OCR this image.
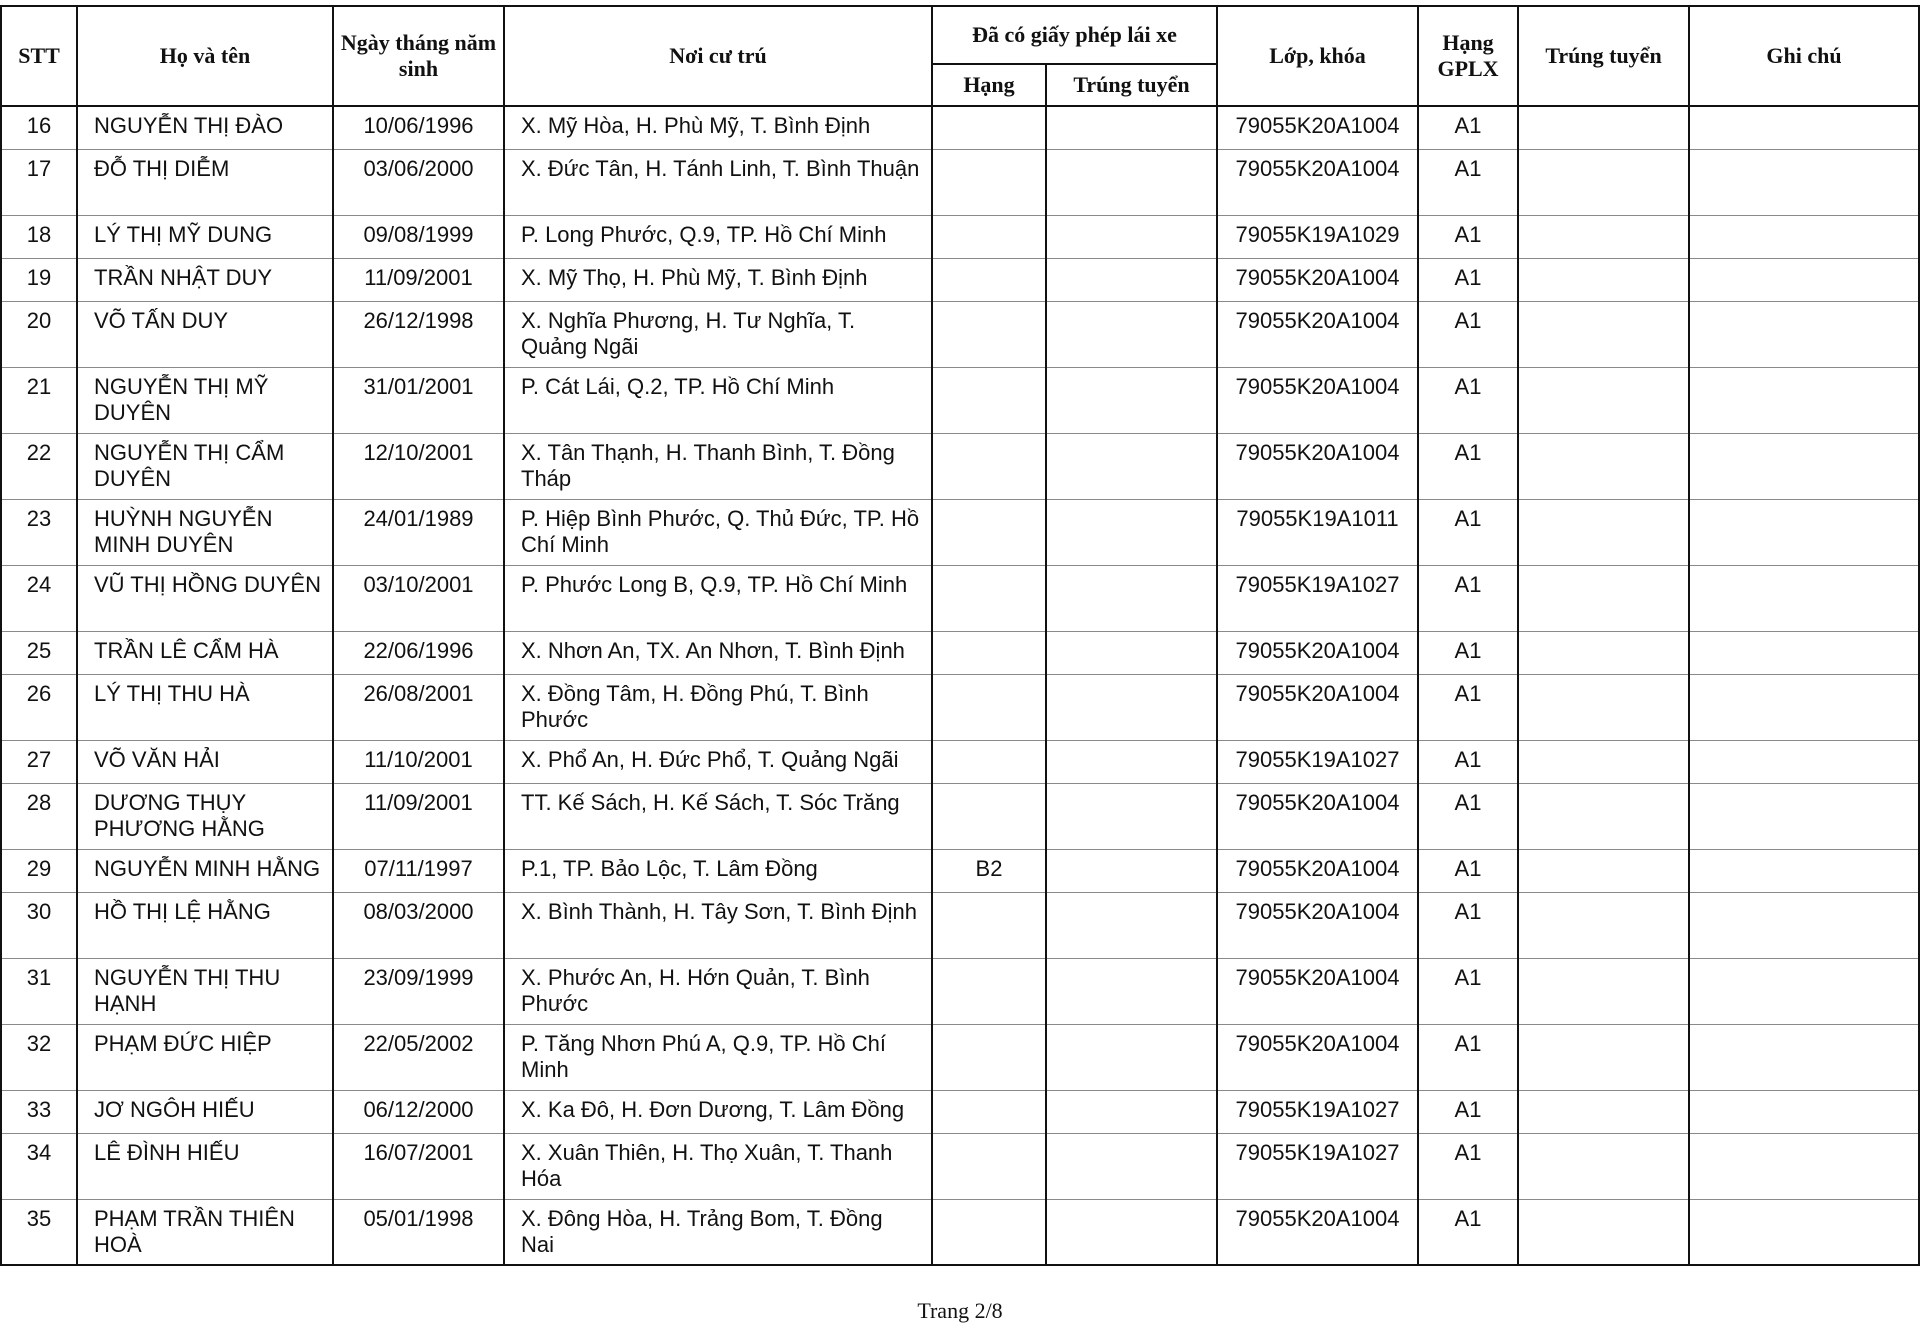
STT	Họ và tên	Ngày tháng năm sinh	Nơi cư trú	Đã có giấy phép lái xe		Lớp, khóa	Hạng GPLX	Trúng tuyển	Ghi chú
				Hạng	Trúng tuyển				
16	NGUYỄN THỊ ĐÀO	10/06/1996	X. Mỹ Hòa, H. Phù Mỹ, T. Bình Định			79055K20A1004	A1		
17	ĐỖ THỊ DIỄM	03/06/2000	X. Đức Tân, H. Tánh Linh, T. Bình Thuận			79055K20A1004	A1		
18	LÝ THỊ MỸ DUNG	09/08/1999	P. Long Phước, Q.9, TP. Hồ Chí Minh			79055K19A1029	A1		
19	TRẦN NHẬT DUY	11/09/2001	X. Mỹ Thọ, H. Phù Mỹ, T. Bình Định			79055K20A1004	A1		
20	VÕ TẤN DUY	26/12/1998	X. Nghĩa Phương, H. Tư Nghĩa, T. Quảng Ngãi			79055K20A1004	A1		
21	NGUYỄN THỊ MỸ DUYÊN	31/01/2001	P. Cát Lái, Q.2, TP. Hồ Chí Minh			79055K20A1004	A1		
22	NGUYỄN THỊ CẨM DUYÊN	12/10/2001	X. Tân Thạnh, H. Thanh Bình, T. Đồng Tháp			79055K20A1004	A1		
23	HUỲNH NGUYỄN MINH DUYÊN	24/01/1989	P. Hiệp Bình Phước, Q. Thủ Đức, TP. Hồ Chí Minh			79055K19A1011	A1		
24	VŨ THỊ HỒNG DUYÊN	03/10/2001	P. Phước Long B, Q.9, TP. Hồ Chí Minh			79055K19A1027	A1		
25	TRẦN LÊ CẨM HÀ	22/06/1996	X. Nhơn An, TX. An Nhơn, T. Bình Định			79055K20A1004	A1		
26	LÝ THỊ THU HÀ	26/08/2001	X. Đồng Tâm, H. Đồng Phú, T. Bình Phước			79055K20A1004	A1		
27	VÕ VĂN HẢI	11/10/2001	X. Phổ An, H. Đức Phổ, T. Quảng Ngãi			79055K19A1027	A1		
28	DƯƠNG THỤY PHƯƠNG HẰNG	11/09/2001	TT. Kế Sách, H. Kế Sách, T. Sóc Trăng			79055K20A1004	A1		
29	NGUYỄN MINH HẰNG	07/11/1997	P.1, TP. Bảo Lộc, T. Lâm Đồng	B2		79055K20A1004	A1		
30	HỒ THỊ LỆ HẰNG	08/03/2000	X. Bình Thành, H. Tây Sơn, T. Bình Định			79055K20A1004	A1		
31	NGUYỄN THỊ THU HẠNH	23/09/1999	X. Phước An, H. Hớn Quản, T. Bình Phước			79055K20A1004	A1		
32	PHẠM ĐỨC HIỆP	22/05/2002	P. Tăng Nhơn Phú A, Q.9, TP. Hồ Chí Minh			79055K20A1004	A1		
33	JƠ NGÔH HIẾU	06/12/2000	X. Ka Đô, H. Đơn Dương, T. Lâm Đồng			79055K19A1027	A1		
34	LÊ ĐÌNH HIẾU	16/07/2001	X. Xuân Thiên, H. Thọ Xuân, T. Thanh Hóa			79055K19A1027	A1		
35	PHẠM TRẦN THIÊN HOÀ	05/01/1998	X. Đông Hòa, H. Trảng Bom, T. Đồng Nai			79055K20A1004	A1		
Trang 2/8
